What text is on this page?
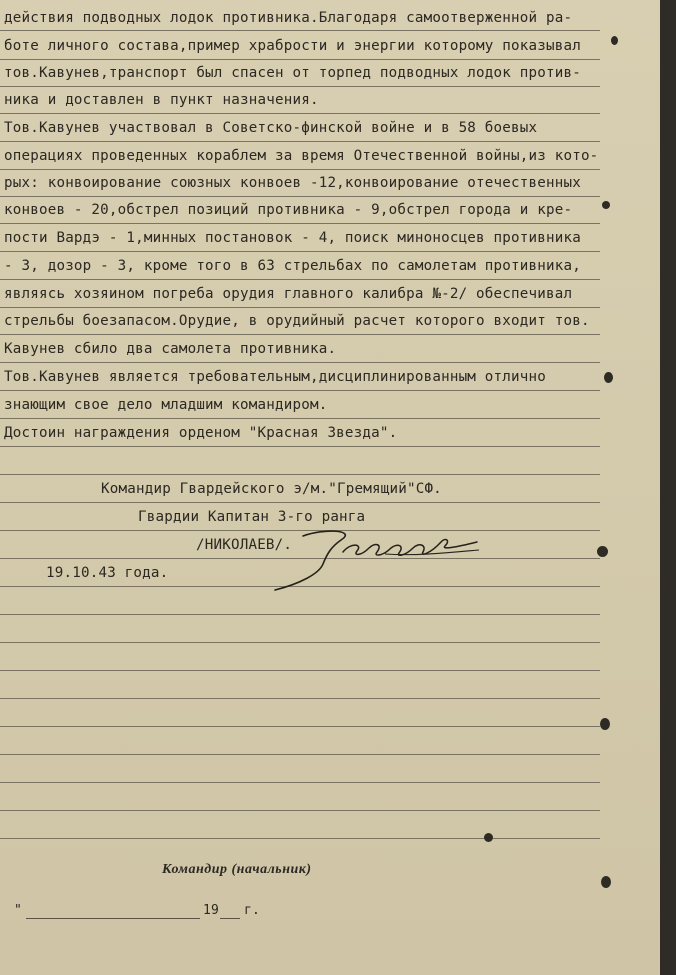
действия подводных лодок противника.Благодаря самоотверженной ра-
боте личного состава,пример храбрости и энергии которому показывал
тов.Кавунев,транспорт был спасен от торпед подводных лодок против-
ника и доставлен в пункт назначения.
Тов.Кавунев участвовал в Советско-финской войне и в 58 боевых
операциях проведенных кораблем за время Отечественной войны,из кото-
рых: конвоирование союзных конвоев -12,конвоирование отечественных
конвоев - 20,обстрел позиций противника - 9,обстрел города и кре-
пости Вардэ - 1,минных постановок - 4, поиск миноносцев противника
- 3, дозор - 3, кроме того в 63 стрельбах по самолетам противника,
являясь хозяином погреба орудия главного калибра №-2/ обеспечивал
стрельбы боезапасом.Орудие, в орудийный расчет которого входит тов.
Кавунев сбило два самолета противника.
Тов.Кавунев является требовательным,дисциплинированным отлично
знающим свое дело младшим командиром.
Достоин награждения орденом "Красная Звезда".
Командир Гвардейского э/м."Гремящий"СФ.
Гвардии Капитан 3-го ранга
/НИКОЛАЕВ/.
19.10.43 года.
Командир (начальник)
"	19 г.
